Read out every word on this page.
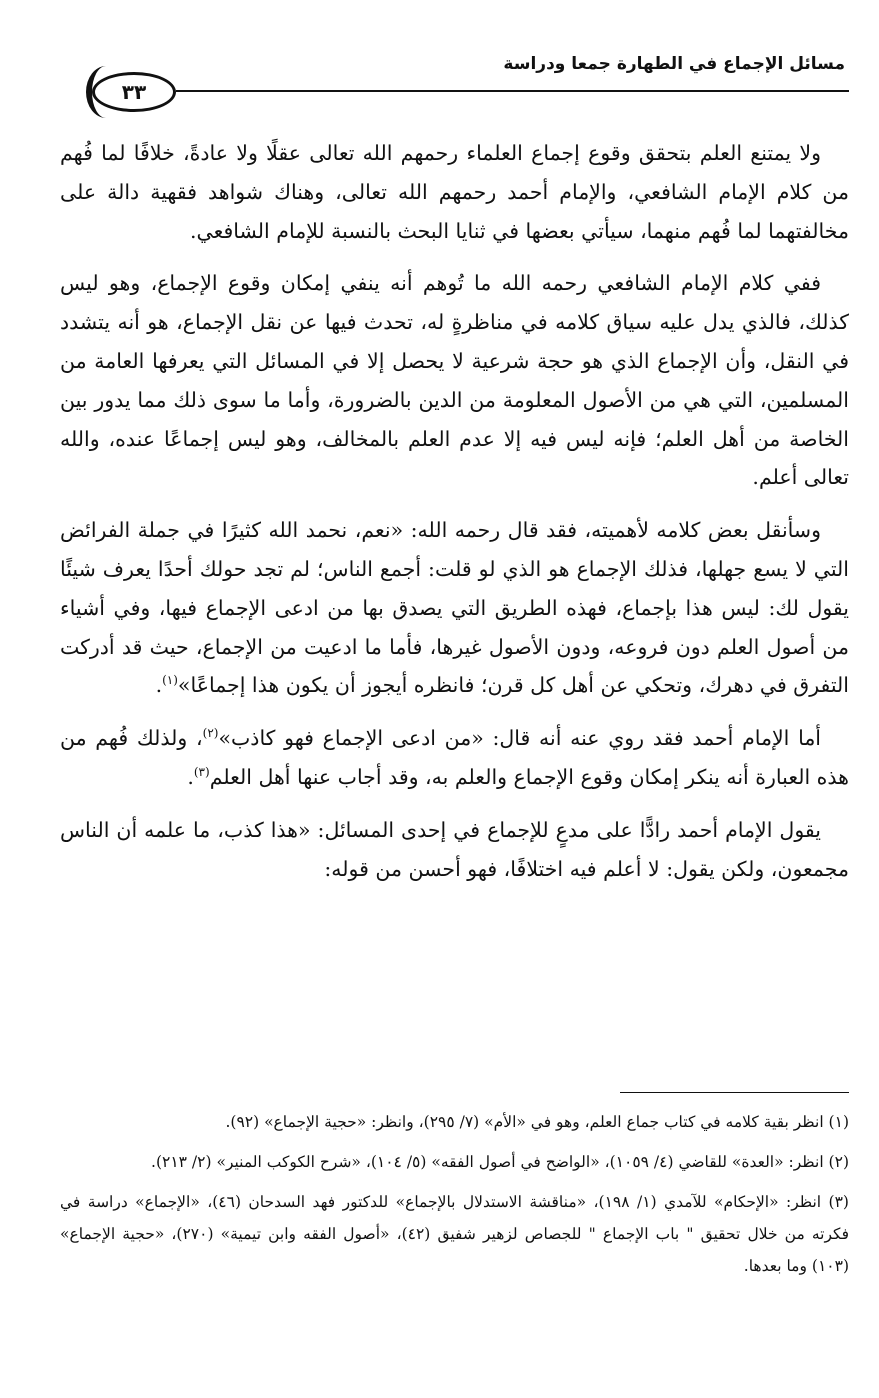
مسائل الإجماع في الطهارة جمعا ودراسة
٣٣

ولا يمتنع العلم بتحقق وقوع إجماع العلماء رحمهم الله تعالى عقلًا ولا عادةً، خلافًا لما فُهم من كلام الإمام الشافعي، والإمام أحمد رحمهم الله تعالى، وهناك شواهد فقهية دالة على مخالفتهما لما فُهم منهما، سيأتي بعضها في ثنايا البحث بالنسبة للإمام الشافعي.

ففي كلام الإمام الشافعي رحمه الله ما تُوهم أنه ينفي إمكان وقوع الإجماع، وهو ليس كذلك، فالذي يدل عليه سياق كلامه في مناظرةٍ له، تحدث فيها عن نقل الإجماع، هو أنه يتشدد في النقل، وأن الإجماع الذي هو حجة شرعية لا يحصل إلا في المسائل التي يعرفها العامة من المسلمين، التي هي من الأصول المعلومة من الدين بالضرورة، وأما ما سوى ذلك مما يدور بين الخاصة من أهل العلم؛ فإنه ليس فيه إلا عدم العلم بالمخالف، وهو ليس إجماعًا عنده، والله تعالى أعلم.

وسأنقل بعض كلامه لأهميته، فقد قال رحمه الله: «نعم، نحمد الله كثيرًا في جملة الفرائض التي لا يسع جهلها، فذلك الإجماع هو الذي لو قلت: أجمع الناس؛ لم تجد حولك أحدًا يعرف شيئًا يقول لك: ليس هذا بإجماع، فهذه الطريق التي يصدق بها من ادعى الإجماع فيها، وفي أشياء من أصول العلم دون فروعه، ودون الأصول غيرها، فأما ما ادعيت من الإجماع، حيث قد أدركت التفرق في دهرك، وتحكي عن أهل كل قرن؛ فانظره أيجوز أن يكون هذا إجماعًا»$^{(١)}$.

أما الإمام أحمد فقد روي عنه أنه قال: «من ادعى الإجماع فهو كاذب»$^{(٢)}$، ولذلك فُهم من هذه العبارة أنه ينكر إمكان وقوع الإجماع والعلم به، وقد أجاب عنها أهل العلم$^{(٣)}$.

يقول الإمام أحمد رادًّا على مدعٍ للإجماع في إحدى المسائل: «هذا كذب، ما علمه أن الناس مجمعون، ولكن يقول: لا أعلم فيه اختلافًا، فهو أحسن من قوله:

(١) انظر بقية كلامه في كتاب جماع العلم، وهو في «الأم» (٧/ ٢٩٥)، وانظر: «حجية الإجماع» (٩٢).

(٢) انظر: «العدة» للقاضي (٤/ ١٠٥٩)، «الواضح في أصول الفقه» (٥/ ١٠٤)، «شرح الكوكب المنير» (٢/ ٢١٣).

(٣) انظر: «الإحكام» للآمدي (١/ ١٩٨)، «مناقشة الاستدلال بالإجماع» للدكتور فهد السدحان (٤٦)، «الإجماع» دراسة في فكرته من خلال تحقيق " باب الإجماع " للجصاص لزهير شفيق (٤٢)، «أصول الفقه وابن تيمية» (٢٧٠)، «حجية الإجماع» (١٠٣) وما بعدها.
